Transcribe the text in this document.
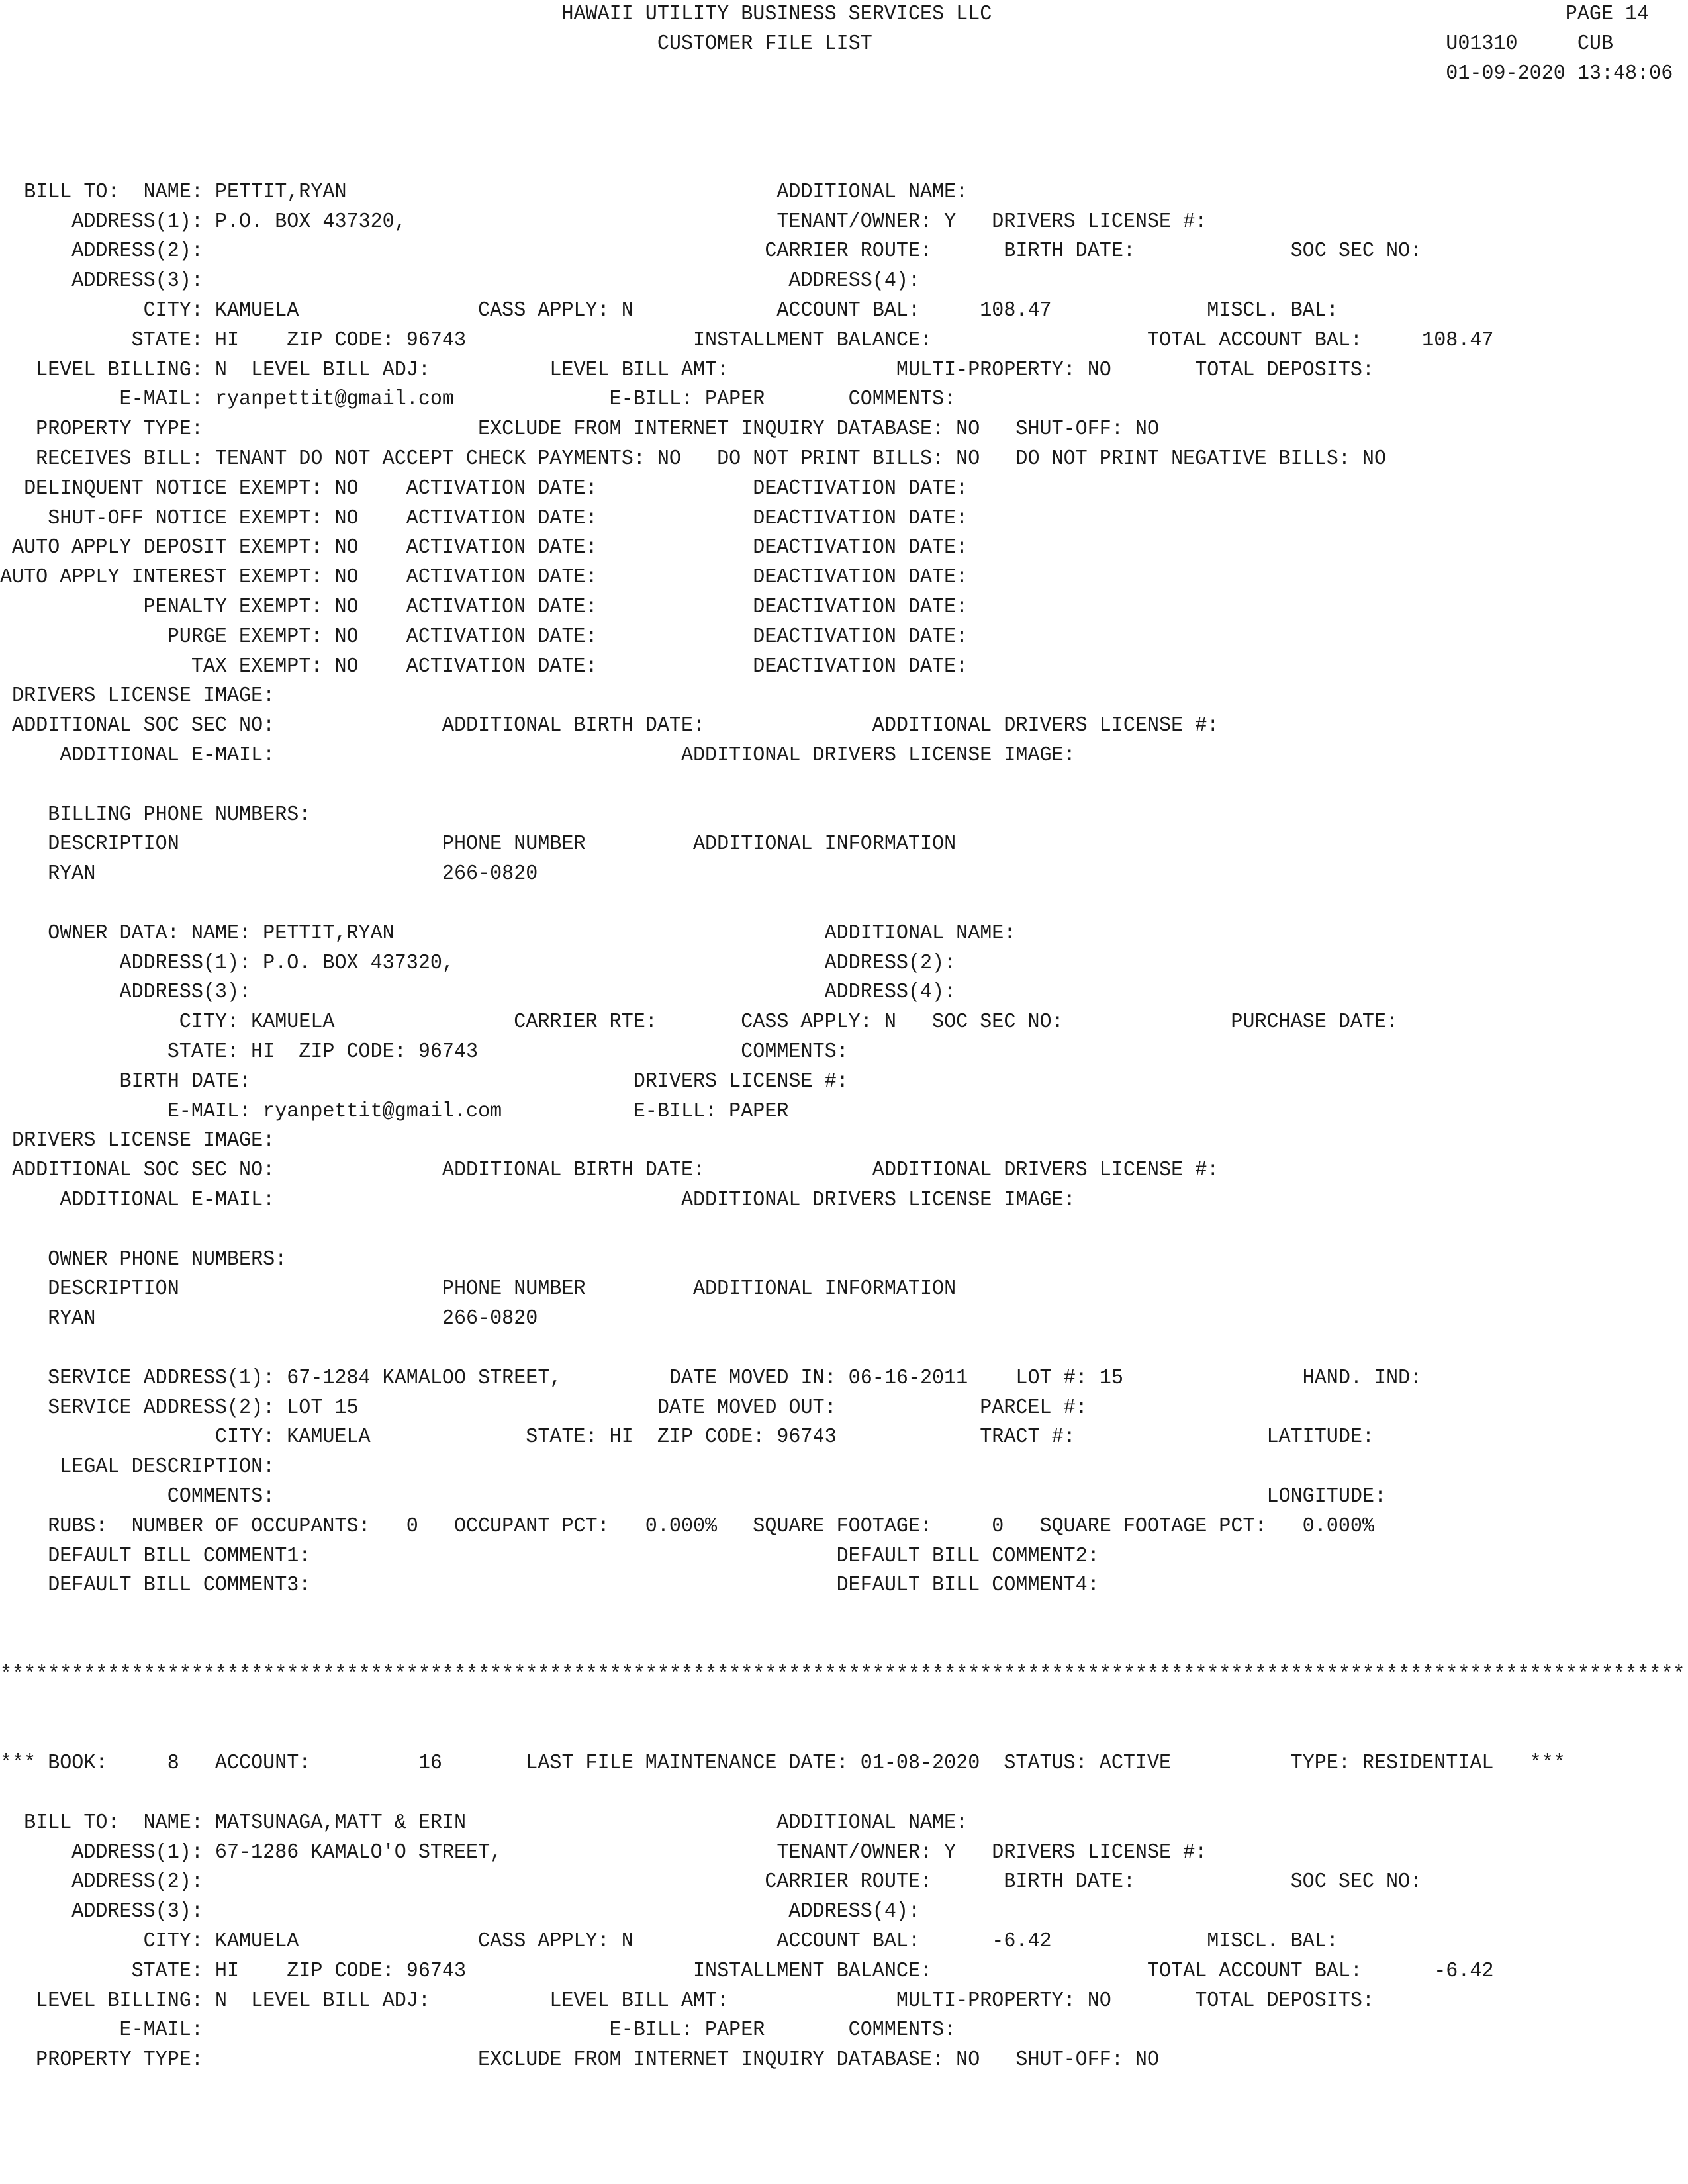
HAWAII UTILITY BUSINESS SERVICES LLC                                                PAGE 14
CUSTOMER FILE LIST                                                U01310     CUB
01-09-2020 13:48:06
BILL TO:  NAME: PETTIT,RYAN                                    ADDITIONAL NAME:
ADDRESS(1): P.O. BOX 437320,                               TENANT/OWNER: Y   DRIVERS LICENSE #:
ADDRESS(2):                                               CARRIER ROUTE:      BIRTH DATE:             SOC SEC NO:
ADDRESS(3):                                                 ADDRESS(4):
CITY: KAMUELA               CASS APPLY: N            ACCOUNT BAL:     108.47             MISCL. BAL:
STATE: HI    ZIP CODE: 96743                   INSTALLMENT BALANCE:                  TOTAL ACCOUNT BAL:     108.47
LEVEL BILLING: N  LEVEL BILL ADJ:          LEVEL BILL AMT:              MULTI-PROPERTY: NO       TOTAL DEPOSITS:
E-MAIL: ryanpettit@gmail.com             E-BILL: PAPER       COMMENTS:
PROPERTY TYPE:                       EXCLUDE FROM INTERNET INQUIRY DATABASE: NO   SHUT-OFF: NO
RECEIVES BILL: TENANT DO NOT ACCEPT CHECK PAYMENTS: NO   DO NOT PRINT BILLS: NO   DO NOT PRINT NEGATIVE BILLS: NO
DELINQUENT NOTICE EXEMPT: NO    ACTIVATION DATE:             DEACTIVATION DATE:
SHUT-OFF NOTICE EXEMPT: NO    ACTIVATION DATE:             DEACTIVATION DATE:
AUTO APPLY DEPOSIT EXEMPT: NO    ACTIVATION DATE:             DEACTIVATION DATE:
AUTO APPLY INTEREST EXEMPT: NO    ACTIVATION DATE:             DEACTIVATION DATE:
PENALTY EXEMPT: NO    ACTIVATION DATE:             DEACTIVATION DATE:
PURGE EXEMPT: NO    ACTIVATION DATE:             DEACTIVATION DATE:
TAX EXEMPT: NO    ACTIVATION DATE:             DEACTIVATION DATE:
DRIVERS LICENSE IMAGE:
ADDITIONAL SOC SEC NO:              ADDITIONAL BIRTH DATE:              ADDITIONAL DRIVERS LICENSE #:
ADDITIONAL E-MAIL:                                  ADDITIONAL DRIVERS LICENSE IMAGE:
BILLING PHONE NUMBERS:
DESCRIPTION                      PHONE NUMBER         ADDITIONAL INFORMATION
RYAN                             266-0820
OWNER DATA: NAME: PETTIT,RYAN                                    ADDITIONAL NAME:
ADDRESS(1): P.O. BOX 437320,                               ADDRESS(2):
ADDRESS(3):                                                ADDRESS(4):
CITY: KAMUELA               CARRIER RTE:       CASS APPLY: N   SOC SEC NO:              PURCHASE DATE:
STATE: HI  ZIP CODE: 96743                      COMMENTS:
BIRTH DATE:                                DRIVERS LICENSE #:
E-MAIL: ryanpettit@gmail.com           E-BILL: PAPER
DRIVERS LICENSE IMAGE:
ADDITIONAL SOC SEC NO:              ADDITIONAL BIRTH DATE:              ADDITIONAL DRIVERS LICENSE #:
ADDITIONAL E-MAIL:                                  ADDITIONAL DRIVERS LICENSE IMAGE:
OWNER PHONE NUMBERS:
DESCRIPTION                      PHONE NUMBER         ADDITIONAL INFORMATION
RYAN                             266-0820
SERVICE ADDRESS(1): 67-1284 KAMALOO STREET,         DATE MOVED IN: 06-16-2011    LOT #: 15               HAND. IND:
SERVICE ADDRESS(2): LOT 15                         DATE MOVED OUT:            PARCEL #:
CITY: KAMUELA             STATE: HI  ZIP CODE: 96743            TRACT #:                LATITUDE:
LEGAL DESCRIPTION:
COMMENTS:                                                                                   LONGITUDE:
RUBS:  NUMBER OF OCCUPANTS:   0   OCCUPANT PCT:   0.000%   SQUARE FOOTAGE:     0   SQUARE FOOTAGE PCT:   0.000%
DEFAULT BILL COMMENT1:                                            DEFAULT BILL COMMENT2:
DEFAULT BILL COMMENT3:                                            DEFAULT BILL COMMENT4:
*********************************************************************************************************************************************
*** BOOK:     8   ACCOUNT:         16       LAST FILE MAINTENANCE DATE: 01-08-2020  STATUS: ACTIVE          TYPE: RESIDENTIAL   ***
BILL TO:  NAME: MATSUNAGA,MATT & ERIN                          ADDITIONAL NAME:
ADDRESS(1): 67-1286 KAMALO'O STREET,                       TENANT/OWNER: Y   DRIVERS LICENSE #:
ADDRESS(2):                                               CARRIER ROUTE:      BIRTH DATE:             SOC SEC NO:
ADDRESS(3):                                                 ADDRESS(4):
CITY: KAMUELA               CASS APPLY: N            ACCOUNT BAL:      -6.42             MISCL. BAL:
STATE: HI    ZIP CODE: 96743                   INSTALLMENT BALANCE:                  TOTAL ACCOUNT BAL:      -6.42
LEVEL BILLING: N  LEVEL BILL ADJ:          LEVEL BILL AMT:              MULTI-PROPERTY: NO       TOTAL DEPOSITS:
E-MAIL:                                  E-BILL: PAPER       COMMENTS:
PROPERTY TYPE:                       EXCLUDE FROM INTERNET INQUIRY DATABASE: NO   SHUT-OFF: NO
